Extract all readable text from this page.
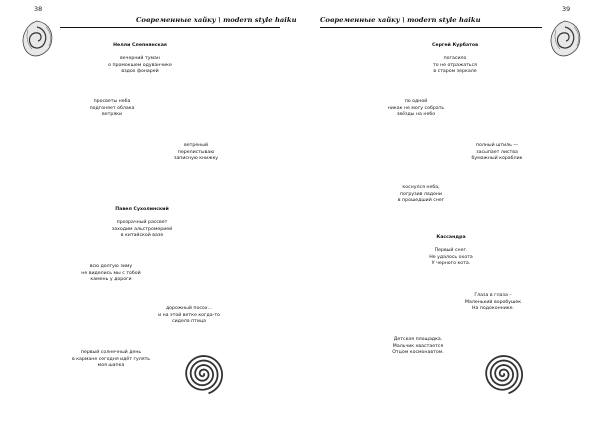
38
Современные хайку \ modern style haiku
Нелли Слепнянская
вечерний туман
о промокшем одуванчике
вздох фонарей
просветы неба
подгоняет облака
ветряки
ветреный
перелистываю
записную книжку
Павел Сухолинский
прозрачный рассвет
заходим альстромерией
в китайской вазе
всю долгую зиму
не виделись мы с тобой
камень у дороги
дорожный посох...
и на этой ветке когда-то
сидела птица
первый солнечный день
в кармане сегодня идёт гулять
моя шапка
39
Современные хайку \ modern style haiku
Сергей Курбатов
погасило
то не отражаться
в старом зеркале
по одной
никак не могу собрать
звёзды на небо
полный штиль —
засыпает листва
бумажный кораблик
коснулся неба,
погрузив ладони
в прошедший снег
Кассандра
Первый снег.
Не удалось охота
У черного кота.
Глаза в глаза –
Маленький воробушек
На подоконнике.
Детская площадка.
Мальчик хвастается
Отцом космонавтом.
